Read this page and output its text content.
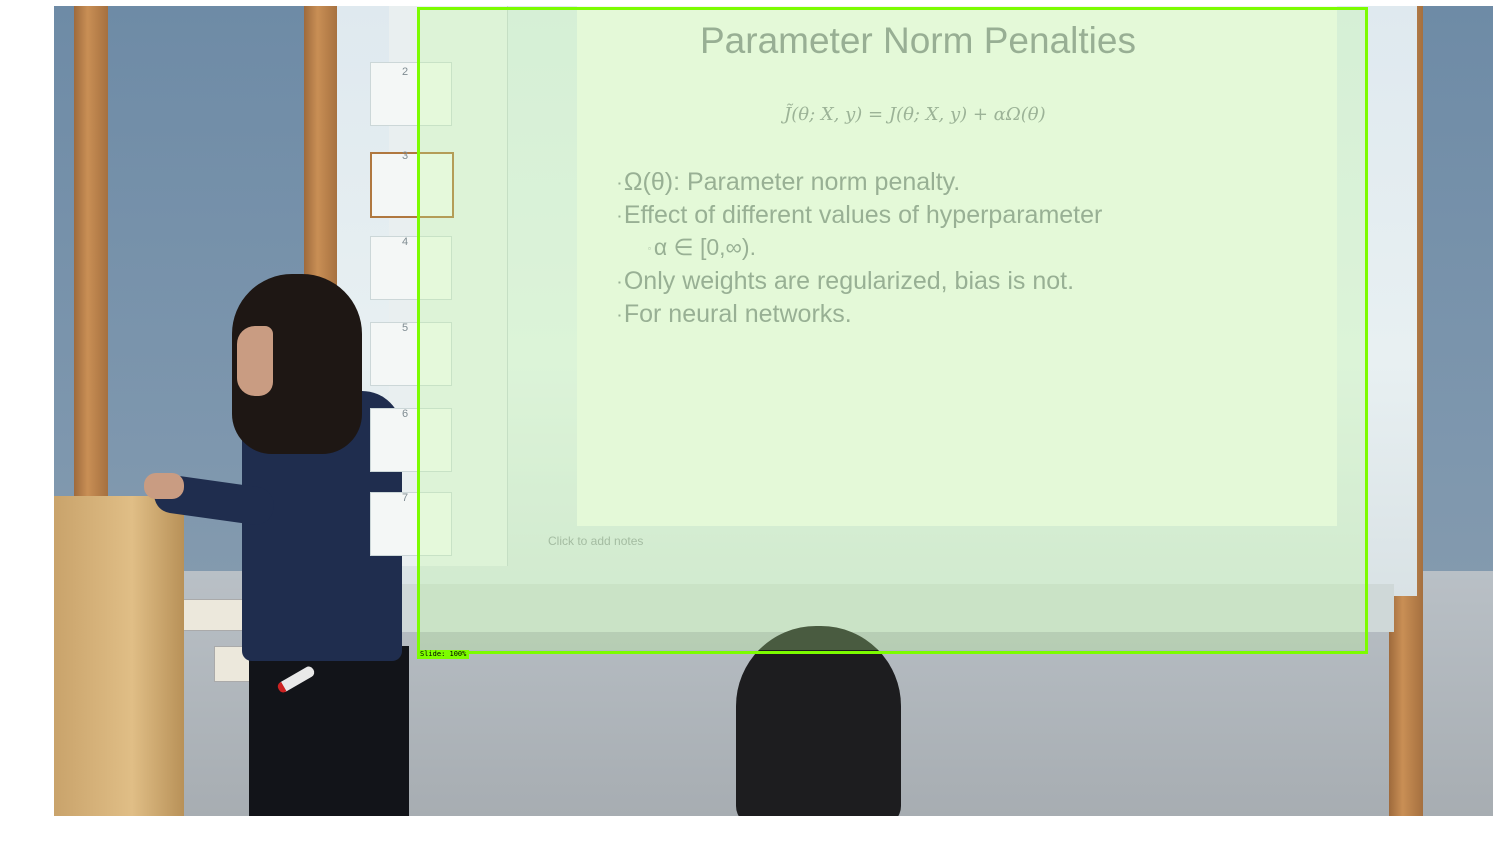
2
3
4
5
6
7
Parameter Norm Penalties
J̃(θ; X, y) = J(θ; X, y) + αΩ(θ)
▪ Ω(θ): Parameter norm penalty.
▪ Effect of different values of hyperparameter
▫ α ∈ [0,∞).
▪ Only weights are regularized, bias is not.
▪ For neural networks.
Click to add notes
Slide: 100%
